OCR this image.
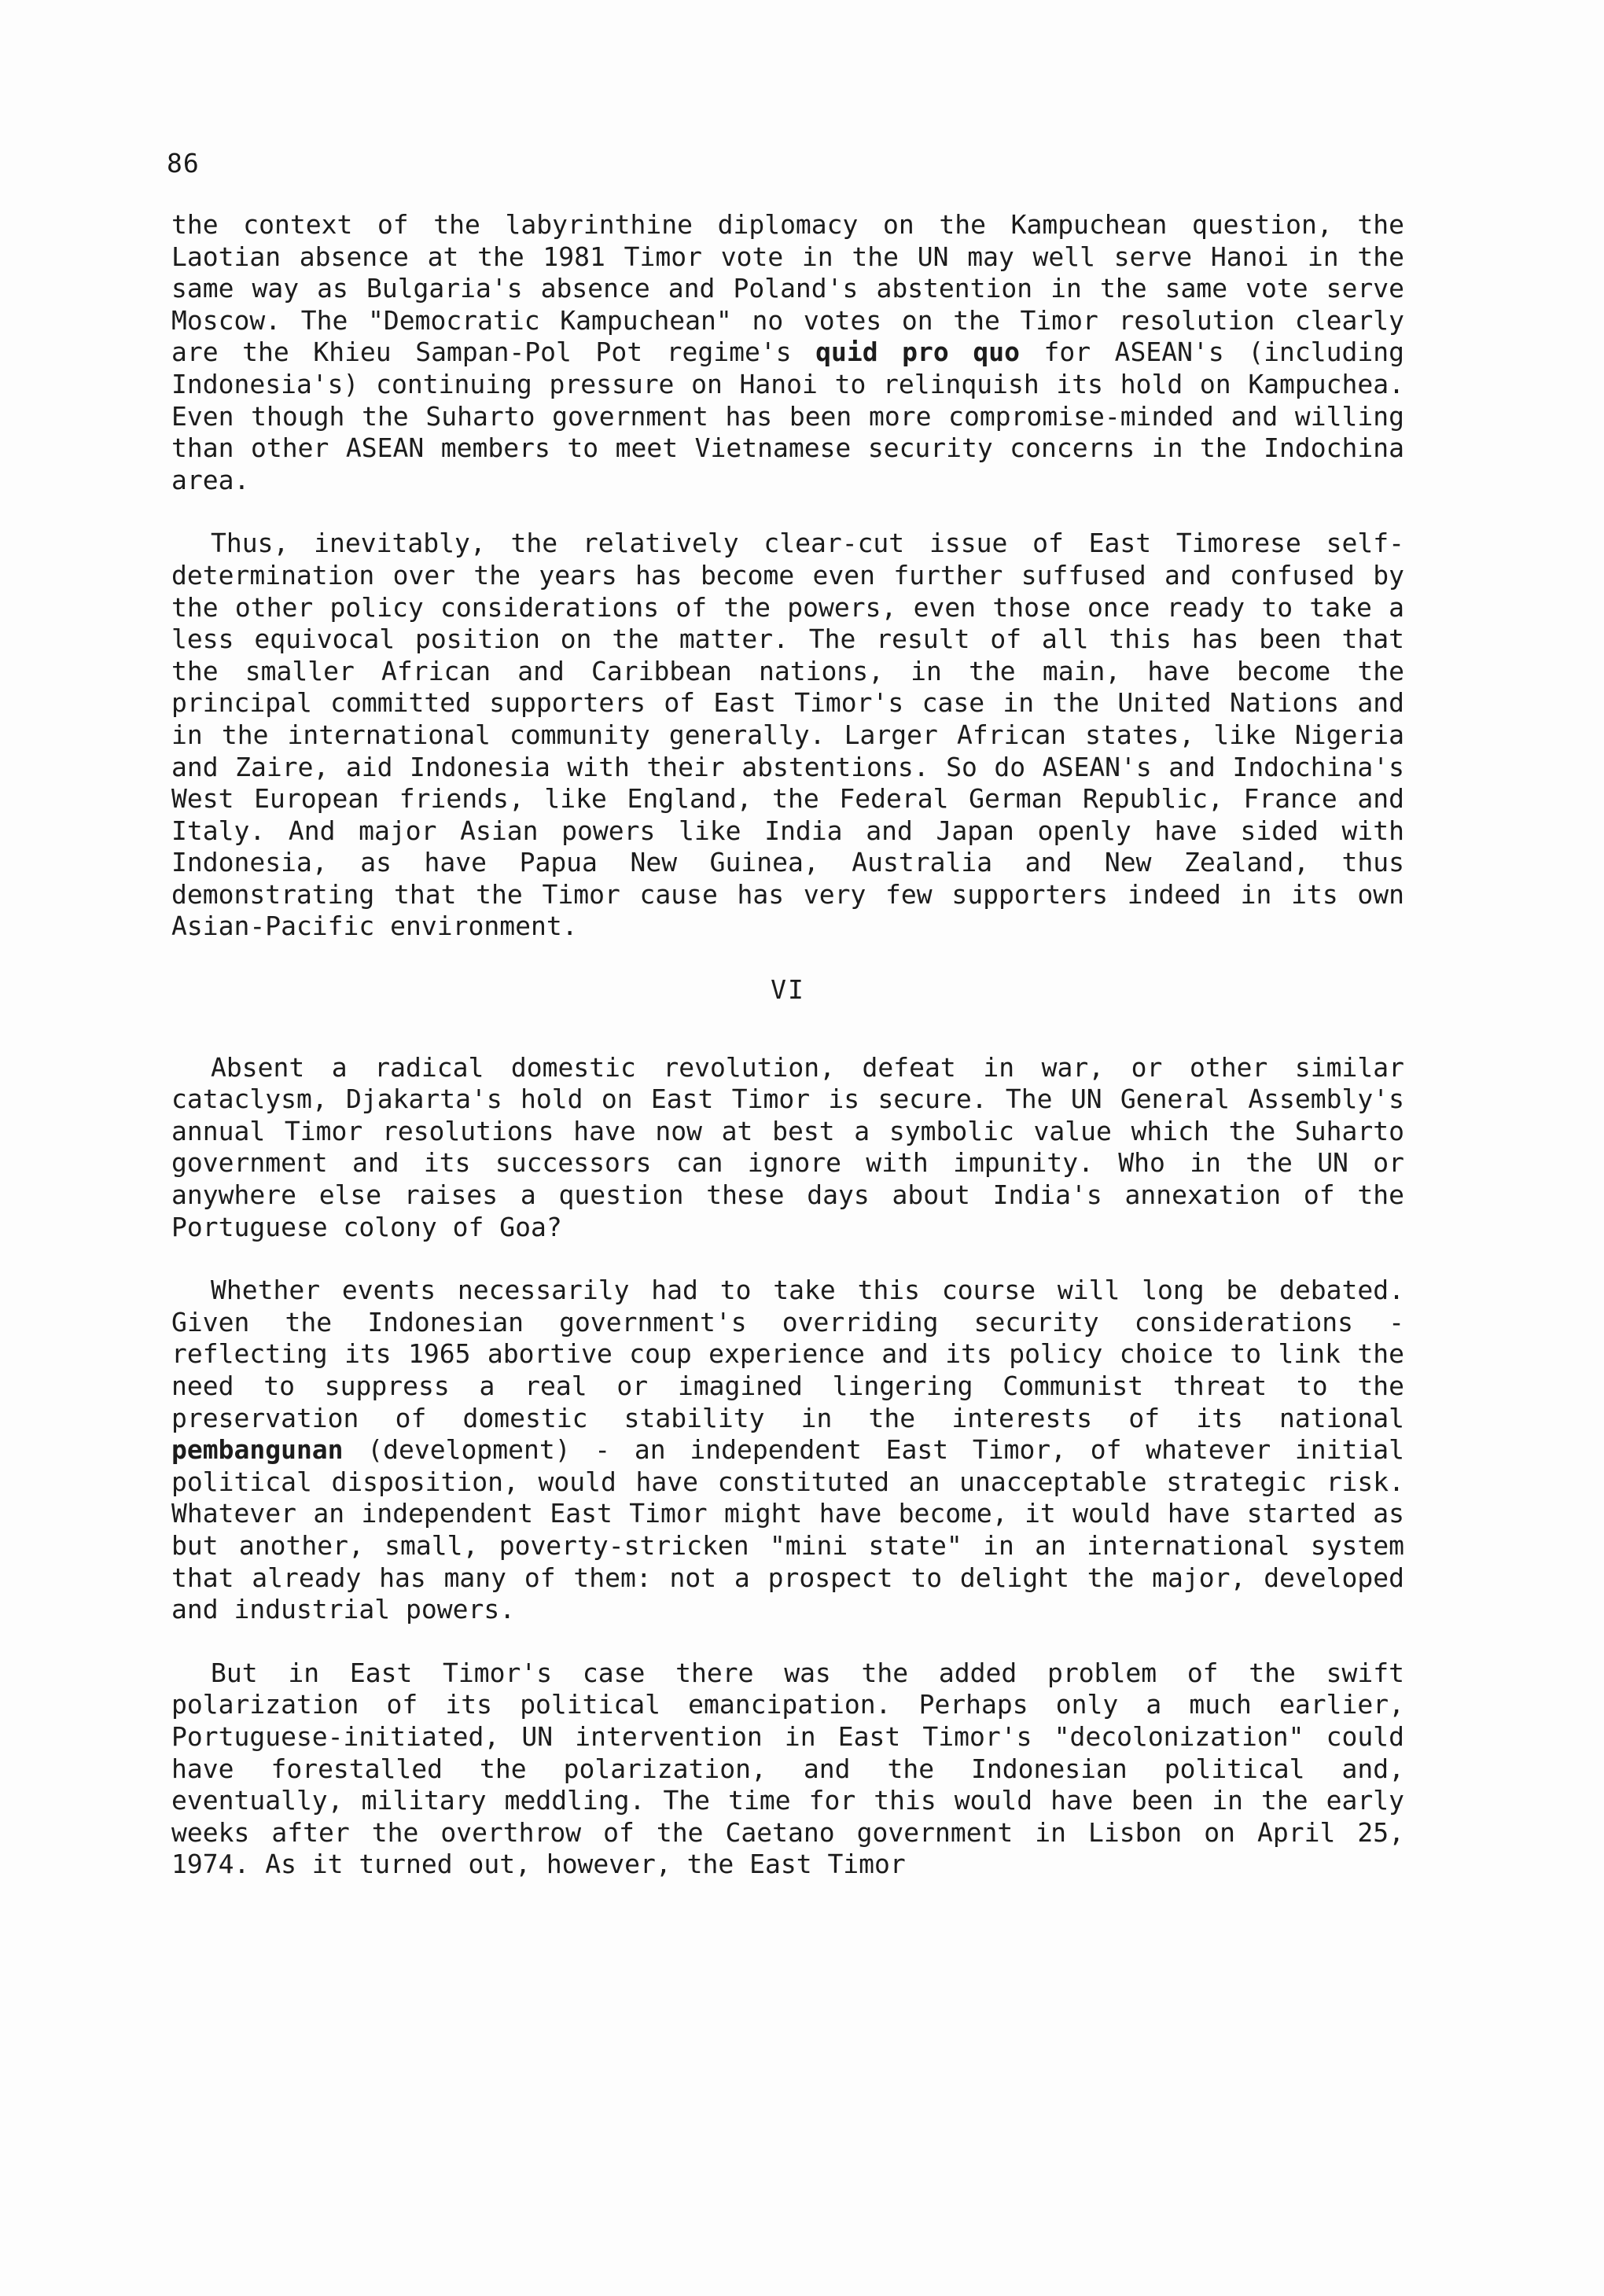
86

the context of the labyrinthine diplomacy on the Kampuchean question, the Laotian absence at the 1981 Timor vote in the UN may well serve Hanoi in the same way as Bulgaria's absence and Poland's abstention in the same vote serve Moscow. The "Democratic Kampuchean" no votes on the Timor resolution clearly are the Khieu Sampan-Pol Pot regime's quid pro quo for ASEAN's (including Indonesia's) continuing pressure on Hanoi to relinquish its hold on Kampuchea. Even though the Suharto government has been more compromise-minded and willing than other ASEAN members to meet Vietnamese security concerns in the Indochina area.

Thus, inevitably, the relatively clear-cut issue of East Timorese self-determination over the years has become even further suffused and confused by the other policy considerations of the powers, even those once ready to take a less equivocal position on the matter. The result of all this has been that the smaller African and Caribbean nations, in the main, have become the principal committed supporters of East Timor's case in the United Nations and in the international community generally. Larger African states, like Nigeria and Zaire, aid Indonesia with their abstentions. So do ASEAN's and Indochina's West European friends, like England, the Federal German Republic, France and Italy. And major Asian powers like India and Japan openly have sided with Indonesia, as have Papua New Guinea, Australia and New Zealand, thus demonstrating that the Timor cause has very few supporters indeed in its own Asian-Pacific environment.

VI

Absent a radical domestic revolution, defeat in war, or other similar cataclysm, Djakarta's hold on East Timor is secure. The UN General Assembly's annual Timor resolutions have now at best a symbolic value which the Suharto government and its successors can ignore with impunity. Who in the UN or anywhere else raises a question these days about India's annexation of the Portuguese colony of Goa?

Whether events necessarily had to take this course will long be debated. Given the Indonesian government's overriding security considerations - reflecting its 1965 abortive coup experience and its policy choice to link the need to suppress a real or imagined lingering Communist threat to the preservation of domestic stability in the interests of its national pembangunan (development) - an independent East Timor, of whatever initial political disposition, would have constituted an unacceptable strategic risk. Whatever an independent East Timor might have become, it would have started as but another, small, poverty-stricken "mini state" in an international system that already has many of them: not a prospect to delight the major, developed and industrial powers.

But in East Timor's case there was the added problem of the swift polarization of its political emancipation. Perhaps only a much earlier, Portuguese-initiated, UN intervention in East Timor's "decolonization" could have forestalled the polarization, and the Indonesian political and, eventually, military meddling. The time for this would have been in the early weeks after the overthrow of the Caetano government in Lisbon on April 25, 1974. As it turned out, however, the East Timor
